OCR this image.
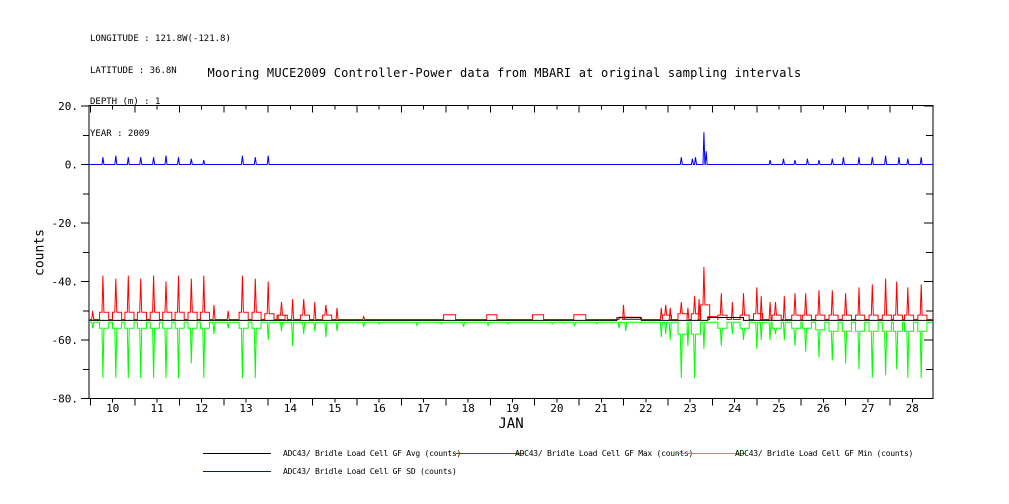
LONGITUDE : 121.8W(-121.8)

LATITUDE : 36.8N

DEPTH (m) : 1

YEAR : 2009

Mooring MUCE2009 Controller-Power data from MBARI at original sampling intervals
10	11	12	13	14	15	16	17	18	19	20	21	22	23	24	25	26	27	28
20.
0.
-20.
-40.
-60.
-80.
counts
JAN
ADC43/ Bridle Load Cell GF Avg (counts)	ADC43/ Bridle Load Cell GF Max (counts)	ADC43/ Bridle Load Cell GF Min (counts)
ADC43/ Bridle Load Cell GF SD (counts)
